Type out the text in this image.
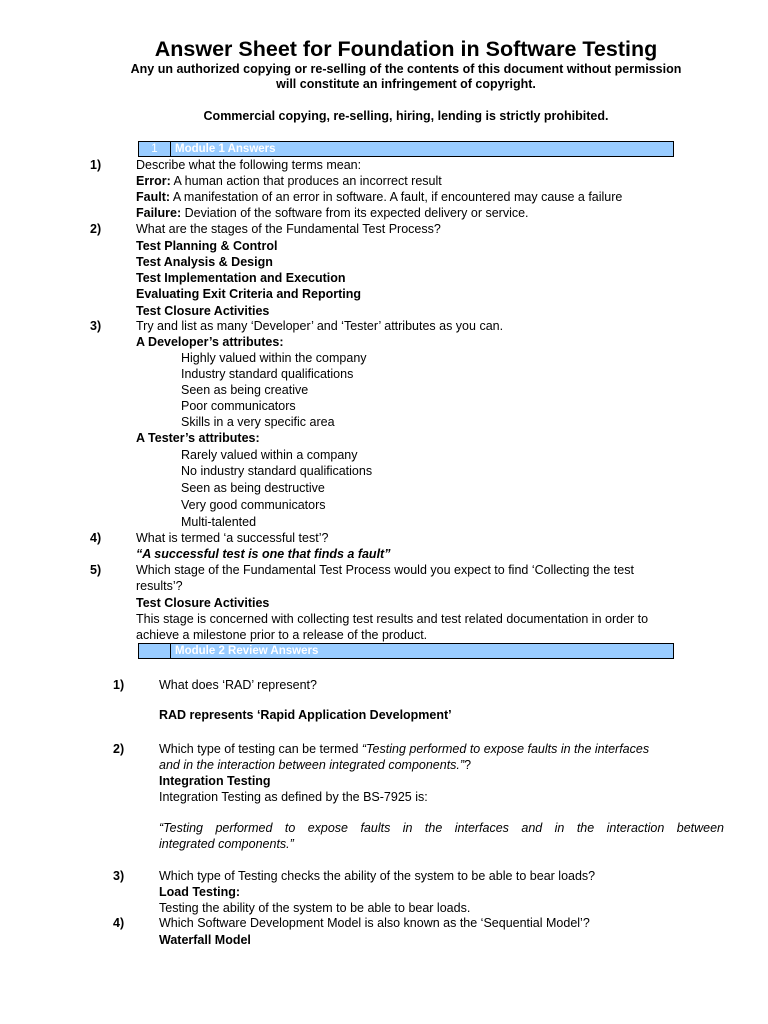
Answer Sheet for Foundation in Software Testing
Any un authorized copying or re-selling of the contents of this document without permission
will constitute an infringement of copyright.
Commercial copying, re-selling, hiring, lending is strictly prohibited.
1	Module 1 Answers
1)	Describe what the following terms mean:
Error: A human action that produces an incorrect result
Fault: A manifestation of an error in software. A fault, if encountered may cause a failure
Failure: Deviation of the software from its expected delivery or service.
2)	What are the stages of the Fundamental Test Process?
Test Planning & Control
Test Analysis & Design
Test Implementation and Execution
Evaluating Exit Criteria and Reporting
Test Closure Activities
3)	Try and list as many ‘Developer’ and ‘Tester’ attributes as you can.
A Developer’s attributes:
Highly valued within the company
Industry standard qualifications
Seen as being creative
Poor communicators
Skills in a very specific area
A Tester’s attributes:
Rarely valued within a company
No industry standard qualifications
Seen as being destructive
Very good communicators
Multi-talented
4)	What is termed ‘a successful test’?
“A successful test is one that finds a fault”
5)	Which stage of the Fundamental Test Process would you expect to find ‘Collecting the test
results’?
Test Closure Activities
This stage is concerned with collecting test results and test related documentation in order to
achieve a milestone prior to a release of the product.
Module 2 Review Answers
1)	What does ‘RAD’ represent?
RAD represents ‘Rapid Application Development’
2)	Which type of testing can be termed “Testing performed to expose faults in the interfaces
and in the interaction between integrated components.”?
Integration Testing
Integration Testing as defined by the BS-7925 is:
“Testing performed to expose faults in the interfaces and in the interaction between
integrated components.”
3)	Which type of Testing checks the ability of the system to be able to bear loads?
Load Testing:
Testing the ability of the system to be able to bear loads.
4)	Which Software Development Model is also known as the ‘Sequential Model’?
Waterfall Model
